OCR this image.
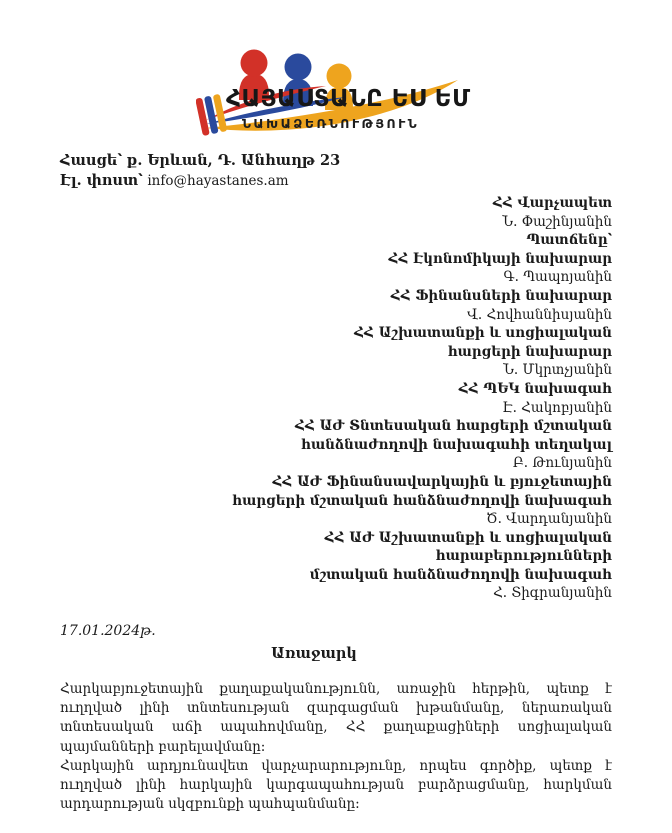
ՀԱՅԱՍՏԱՆԸ ԵՍ ԵՄ
ՆԱԽԱՁԵՌՆՈՒԹՅՈՒՆ
Հասցե՝ ք. Երևան, Դ. Անհաղթ 23
Էլ. փոստ՝ info@hayastanes.am
ՀՀ Վարչապետ
Ն. Փաշինյանին
Պատճենը՝
ՀՀ Էկոնոմիկայի նախարար
Գ. Պապոյանին
ՀՀ Ֆինանսների նախարար
Վ. Հովհաննիսյանին
ՀՀ Աշխատանքի և սոցիալական
հարցերի նախարար
Ն. Մկրտչյանին
ՀՀ ՊԵԿ նախագահ
Է. Հակոբյանին
ՀՀ ԱԺ Տնտեսական հարցերի մշտական
հանձնաժողովի նախագահի տեղակալ
Բ. Թունյանին
ՀՀ ԱԺ Ֆինանսավարկային և բյուջետային
հարցերի մշտական հանձնաժողովի նախագահ
Ծ. Վարդանյանին
ՀՀ ԱԺ Աշխատանքի և սոցիալական
հարաբերությունների
մշտական հանձնաժողովի նախագահ
Հ. Տիգրանյանին
17.01.2024թ.
Առաջարկ

Հարկաբյուջետային քաղաքականությունն, առաջին հերթին, պետք է ուղղված լինի տնտեսության զարգացման խթանմանը, ներառական տնտեսական աճի ապահովմանը, ՀՀ քաղաքացիների սոցիալական պայմանների բարելավմանը:

Հարկային արդյունավետ վարչարարությունը, որպես գործիք, պետք է ուղղված լինի հարկային կարգապահության բարձրացմանը, հարկման արդարության սկզբունքի պահպանմանը:
